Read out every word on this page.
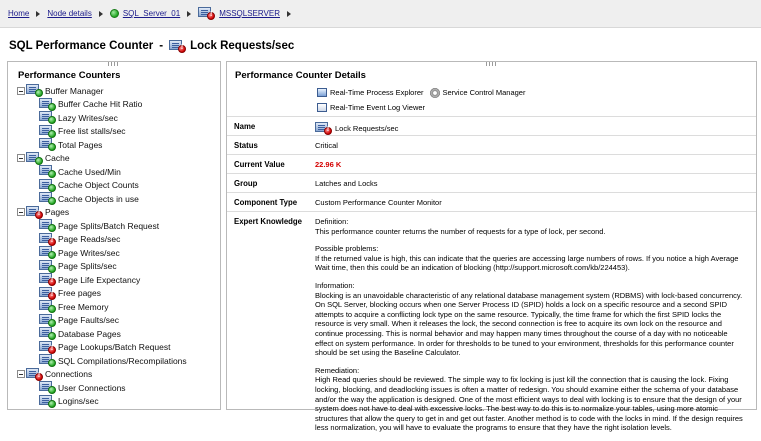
Home Node details	SQL_Server_01 !	MSSQLSERVER
SQL Performance Counter - ! Lock Requests/sec
Performance Counters
Buffer Manager
Buffer Cache Hit Ratio
Lazy Writes/sec
Free list stalls/sec
Total Pages
Cache
Cache Used/Min
Cache Object Counts
Cache Objects in use
!
Pages
Page Splits/Batch Request
!
Page Reads/sec
Page Writes/sec
Page Splits/sec
!
Page Life Expectancy
!
Free pages
Free Memory
Page Faults/sec
Database Pages
!
Page Lookups/Batch Request
SQL Compilations/Recompilations
!
Connections
User Connections
Logins/sec
Performance Counter Details
Real-Time Process Explorer	Service Control Manager
Real-Time Event Log Viewer
Name !	Lock Requests/sec
Status	Critical
Current Value	22.96 K
Group	Latches and Locks
Component Type	Custom Performance Counter Monitor
Expert Knowledge	Definition:
This performance counter returns the number of requests for a type of lock, per second.

Possible problems:
If the returned value is high, this can indicate that the queries are accessing large numbers of rows. If you notice a high Average Wait time, then this could be an indication of blocking (http://support.microsoft.com/kb/224453).

Information:
Blocking is an unavoidable characteristic of any relational database management system (RDBMS) with lock-based concurrency. On SQL Server, blocking occurs when one Server Process ID (SPID) holds a lock on a specific resource and a second SPID attempts to acquire a conflicting lock type on the same resource. Typically, the time frame for which the first SPID locks the resource is very small. When it releases the lock, the second connection is free to acquire its own lock on the resource and continue processing. This is normal behavior and may happen many times throughout the course of a day with no noticeable effect on system performance. In order for thresholds to be tuned to your environment, thresholds for this performance counter should be set using the Baseline Calculator.

Remediation:
High Read queries should be reviewed. The simple way to fix locking is just kill the connection that is causing the lock. Fixing locking, blocking, and deadlocking issues is often a matter of redesign. You should examine either the schema of your database and/or the way the application is designed. One of the most efficient ways to deal with locking is to ensure that the design of your system does not have to deal with excessive locks. The best way to do this is to normalize your tables, using more atomic structures that allow the query to get in and get out faster. Another method is to code with the locks in mind. If the design requires less normalization, you will have to evaluate the programs to ensure that they have the right isolation levels.
